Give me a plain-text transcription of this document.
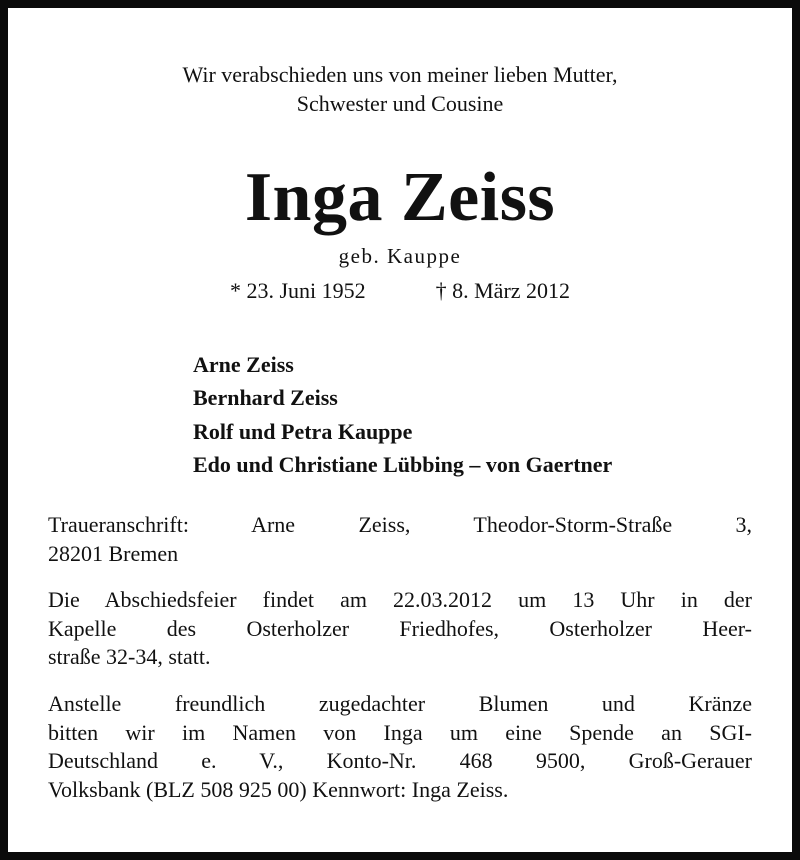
Wir verabschieden uns von meiner lieben Mutter,
Schwester und Cousine
Inga Zeiss
geb. Kauppe
* 23. Juni 1952	† 8. März 2012
Arne Zeiss
Bernhard Zeiss
Rolf und Petra Kauppe
Edo und Christiane Lübbing – von Gaertner
Traueranschrift: Arne Zeiss, Theodor-Storm-Straße 3,
28201 Bremen
Die Abschiedsfeier findet am 22.03.2012 um 13 Uhr in der
Kapelle des Osterholzer Friedhofes, Osterholzer Heer-
straße 32-34, statt.
Anstelle freundlich zugedachter Blumen und Kränze
bitten wir im Namen von Inga um eine Spende an SGI-
Deutschland e. V., Konto-Nr. 468 9500, Groß-Gerauer
Volksbank (BLZ 508 925 00) Kennwort: Inga Zeiss.
